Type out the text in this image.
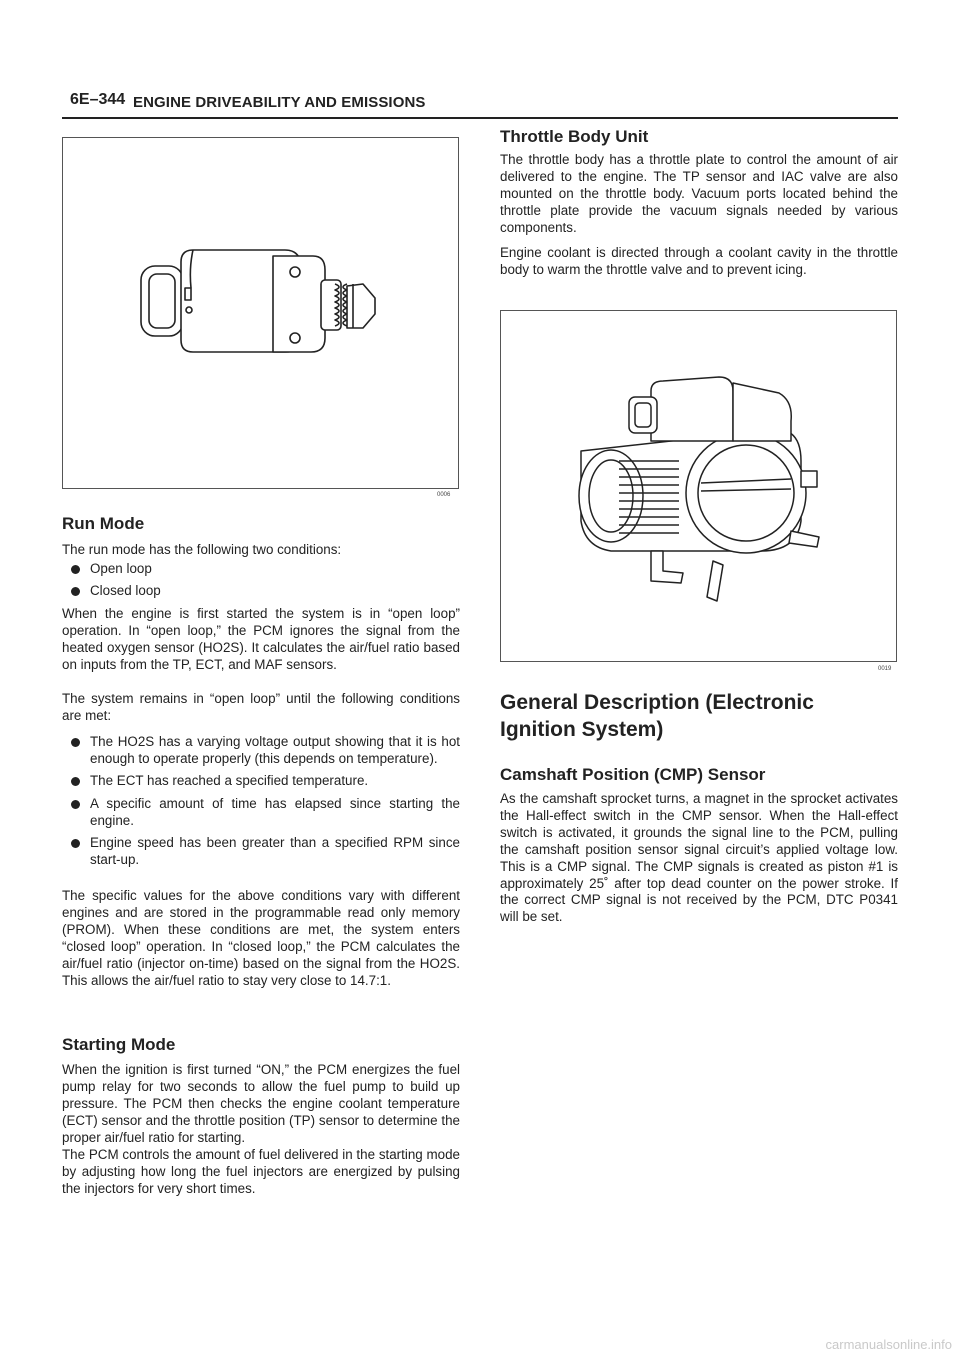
6E–344 ENGINE DRIVEABILITY AND EMISSIONS
0006
Run Mode

The run mode has the following two conditions:

Open loop
Closed loop

When the engine is first started the system is in “open loop” operation. In “open loop,” the PCM ignores the signal from the heated oxygen sensor (HO2S). It calculates the air/fuel ratio based on inputs from the TP, ECT, and MAF sensors.

The system remains in “open loop” until the following conditions are met:

The HO2S has a varying voltage output showing that it is hot enough to operate properly (this depends on temperature).
The ECT has reached a specified temperature.
A specific amount of time has elapsed since starting the engine.
Engine speed has been greater than a specified RPM since start-up.

The specific values for the above conditions vary with different engines and are stored in the programmable read only memory (PROM). When these conditions are met, the system enters “closed loop” operation. In “closed loop,” the PCM calculates the air/fuel ratio (injector on-time) based on the signal from the HO2S. This allows the air/fuel ratio to stay very close to 14.7:1.

Starting Mode

When the ignition is first turned “ON,” the PCM energizes the fuel pump relay for two seconds to allow the fuel pump to build up pressure. The PCM then checks the engine coolant temperature (ECT) sensor and the throttle position (TP) sensor to determine the proper air/fuel ratio for starting.

The PCM controls the amount of fuel delivered in the starting mode by adjusting how long the fuel injectors are energized by pulsing the injectors for very short times.

Throttle Body Unit

The throttle body has a throttle plate to control the amount of air delivered to the engine. The TP sensor and IAC valve are also mounted on the throttle body. Vacuum ports located behind the throttle plate provide the vacuum signals needed by various components.

Engine coolant is directed through a coolant cavity in the throttle body to warm the throttle valve and to prevent icing.

0019
General Description (Electronic Ignition System)
Camshaft Position (CMP) Sensor

As the camshaft sprocket turns, a magnet in the sprocket activates the Hall-effect switch in the CMP sensor. When the Hall-effect switch is activated, it grounds the signal line to the PCM, pulling the camshaft position sensor signal circuit’s applied voltage low. This is a CMP signal. The CMP signals is created as piston #1 is approximately 25˚ after top dead counter on the power stroke. If the correct CMP signal is not received by the PCM, DTC P0341 will be set.

carmanualsonline.info
